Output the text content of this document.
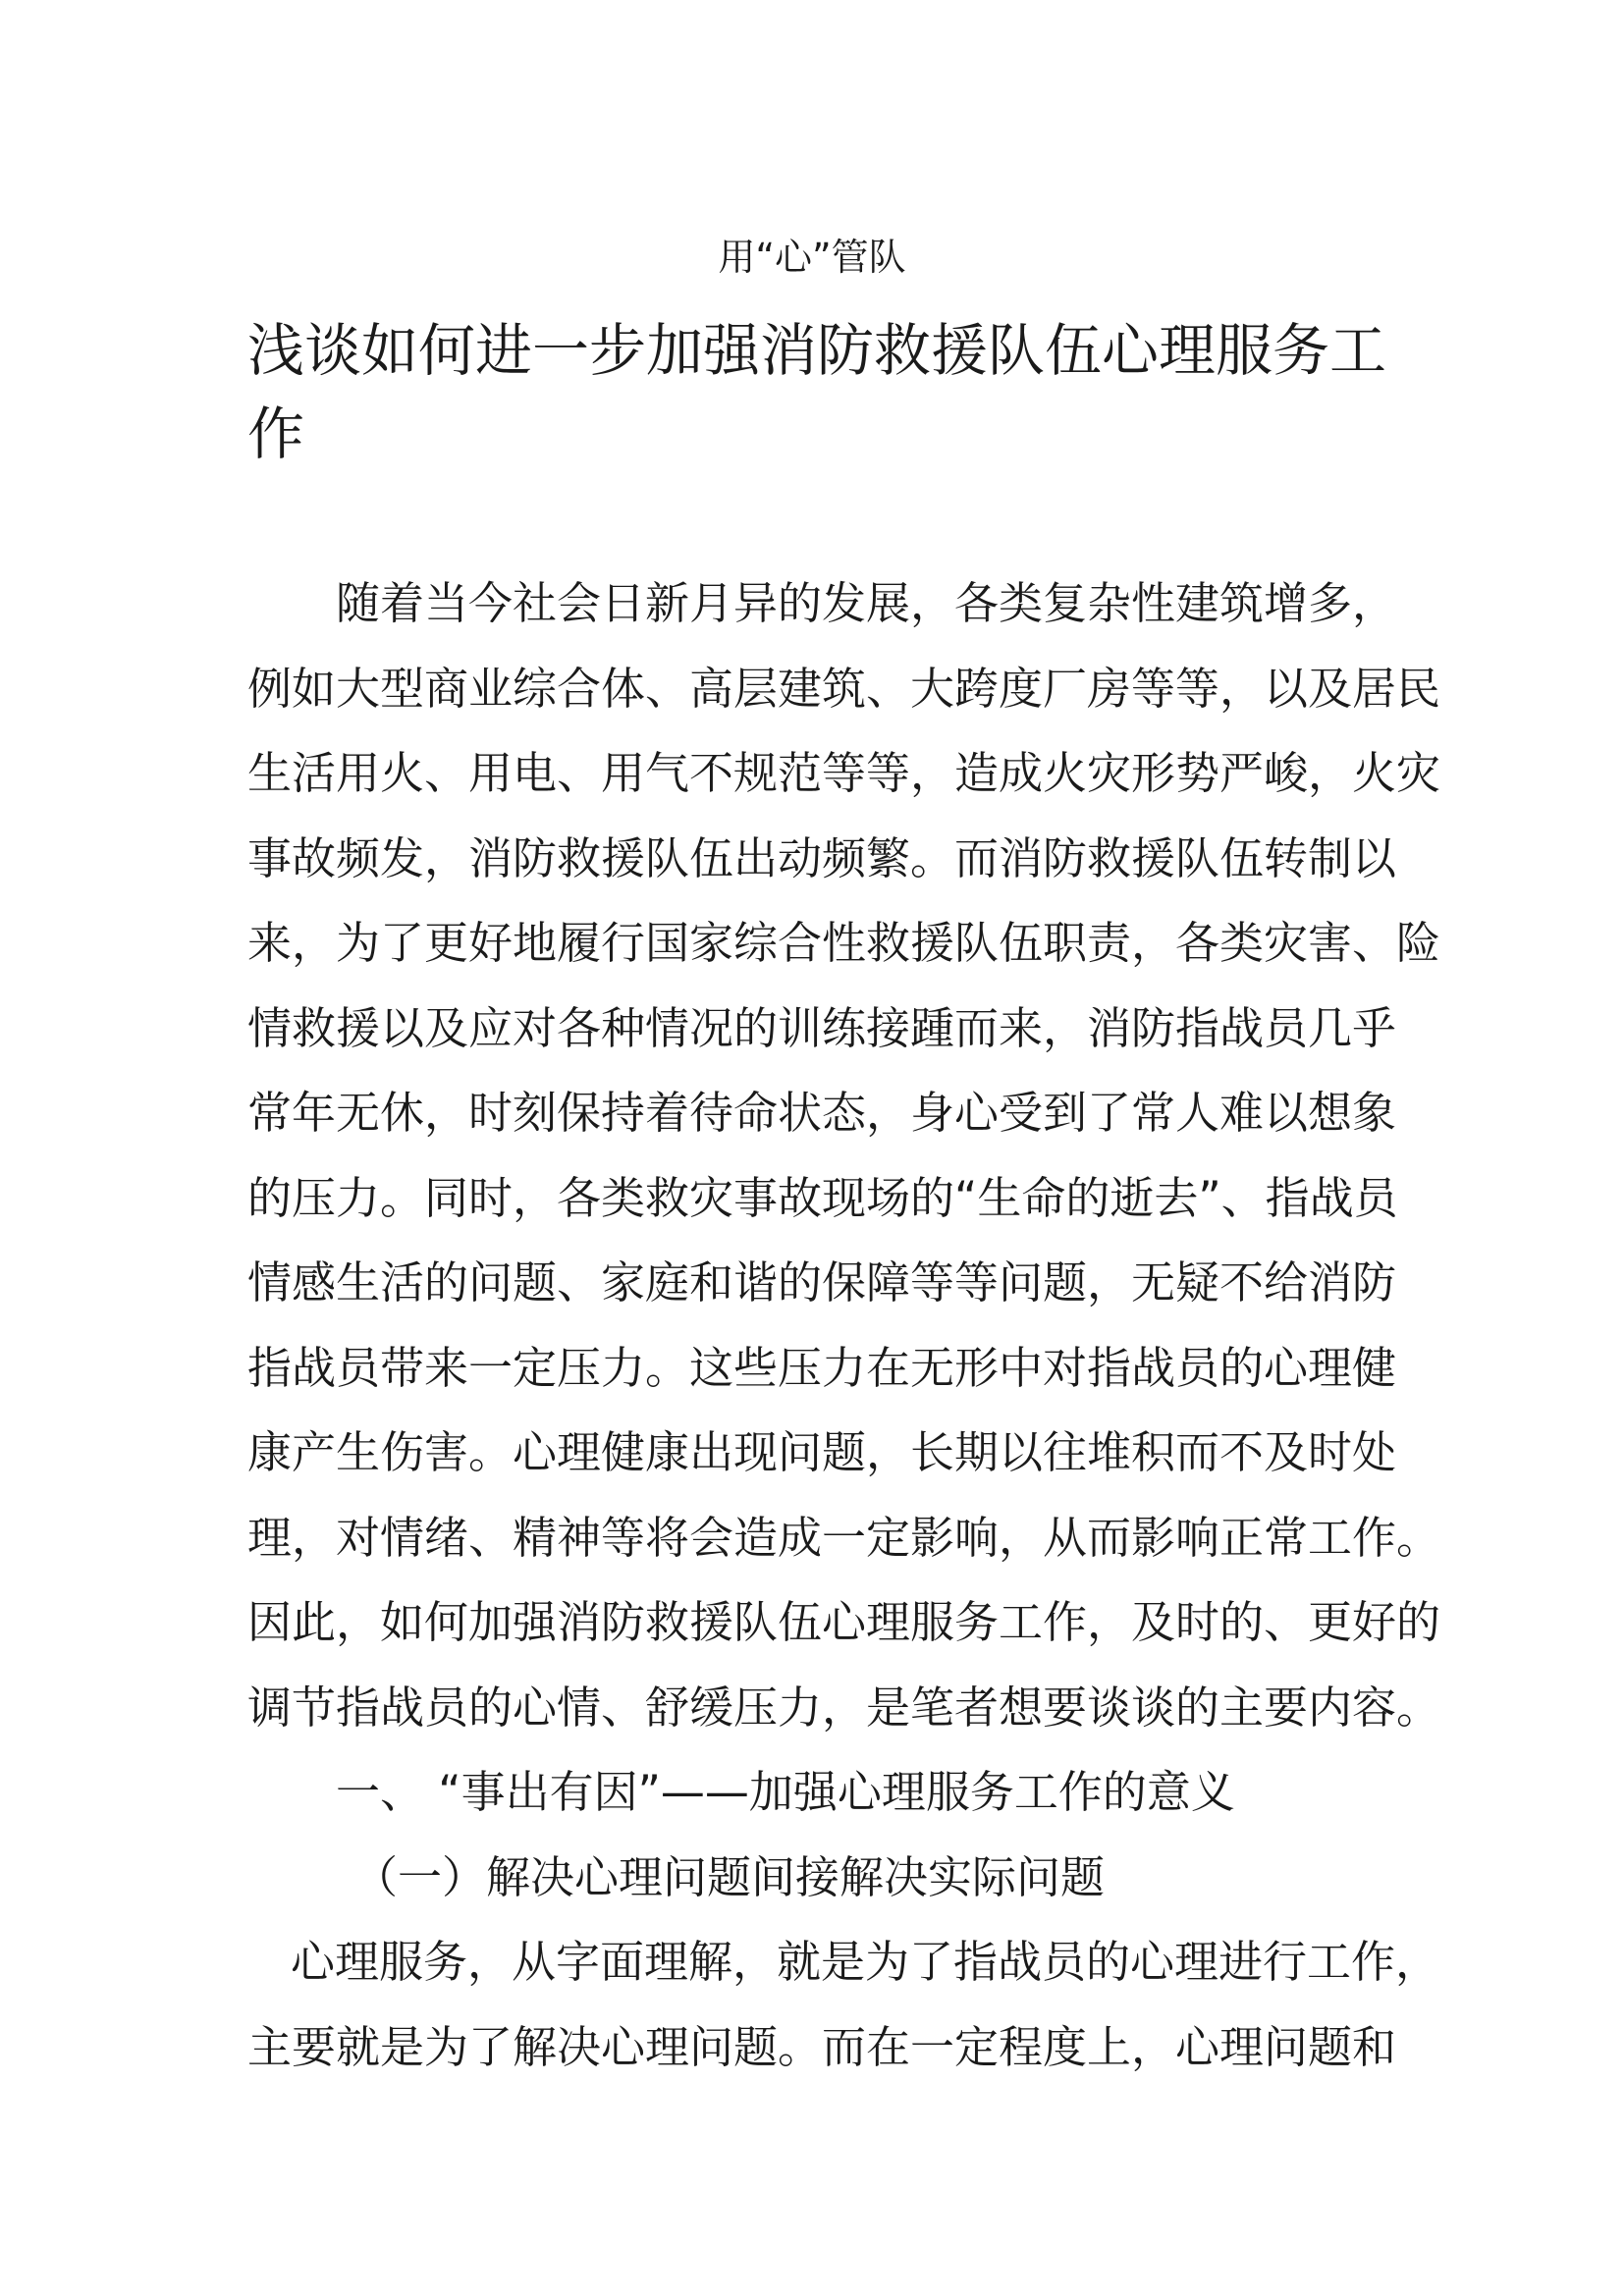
用“心”管队
浅谈如何进一步加强消防救援队伍心理服务工
作
随着当今社会日新月异的发展，各类复杂性建筑增多，
例如大型商业综合体、高层建筑、大跨度厂房等等，以及居民
生活用火、用电、用气不规范等等，造成火灾形势严峻，火灾
事故频发，消防救援队伍出动频繁。而消防救援队伍转制以
来，为了更好地履行国家综合性救援队伍职责，各类灾害、险
情救援以及应对各种情况的训练接踵而来，消防指战员几乎
常年无休，时刻保持着待命状态，身心受到了常人难以想象
的压力。同时，各类救灾事故现场的“生命的逝去”、指战员
情感生活的问题、家庭和谐的保障等等问题，无疑不给消防
指战员带来一定压力。这些压力在无形中对指战员的心理健
康产生伤害。心理健康出现问题，长期以往堆积而不及时处
理，对情绪、精神等将会造成一定影响，从而影响正常工作。
因此，如何加强消防救援队伍心理服务工作，及时的、更好的
调节指战员的心情、舒缓压力，是笔者想要谈谈的主要内容。
一、 “事出有因”——加强心理服务工作的意义
（一）解决心理问题间接解决实际问题
心理服务，从字面理解，就是为了指战员的心理进行工作，
主要就是为了解决心理问题。而在一定程度上，心理问题和
